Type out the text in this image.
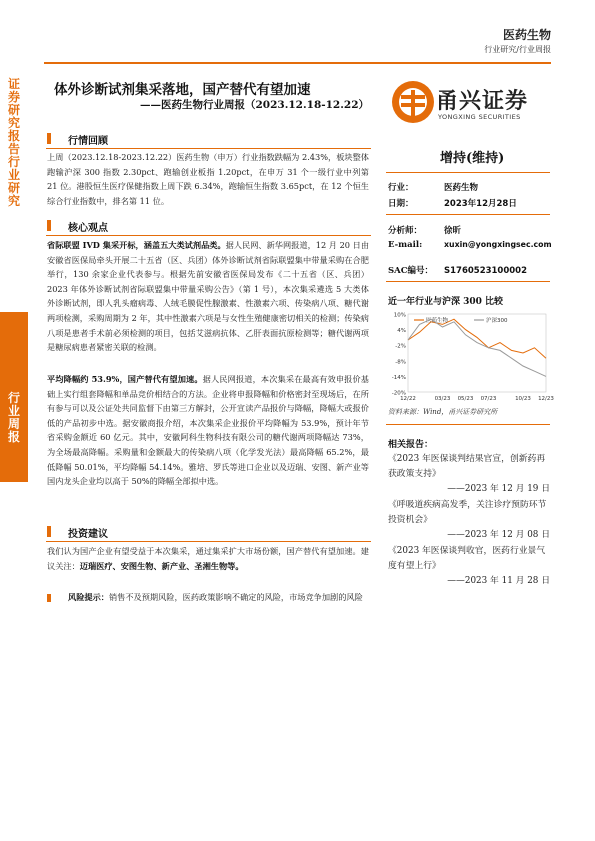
证券研究报告 行业研究
行业周报
医药生物
行业研究/行业周报
体外诊断试剂集采落地，国产替代有望加速
——医药生物行业周报（2023.12.18-12.22）	甬兴证券
YONGXING SECURITIES
行情回顾
上周（2023.12.18-2023.12.22）医药生物（申万）行业指数跌幅为 2.43%，板块整体跑输沪深 300 指数 2.30pct、跑输创业板指 1.20pct，在申万 31 个一级行业中列第 21 位。港股恒生医疗保健指数上周下跌 6.34%，跑输恒生指数 3.65pct，在 12 个恒生综合行业指数中，排名第 11 位。
核心观点
省际联盟 IVD 集采开标，涵盖五大类试剂品类。据人民网、新华网报道，12 月 20 日由安徽省医保局牵头开展二十五省（区、兵团）体外诊断试剂省际联盟集中带量采购在合肥举行，130 余家企业代表参与。根据先前安徽省医保局发布《二十五省（区、兵团）2023 年体外诊断试剂省际联盟集中带量采购公告》（第 1 号），本次集采遴选 5 大类体外诊断试剂，即人乳头瘤病毒、人绒毛膜促性腺激素、性激素六项、传染病八项、糖代谢两项检测，采购周期为 2 年，其中性激素六项是与女性生殖健康密切相关的检测；传染病八项是患者手术前必须检测的项目，包括艾滋病抗体、乙肝表面抗原检测等；糖代谢两项是糖尿病患者紧密关联的检测。
平均降幅约 53.9%，国产替代有望加速。据人民网报道，本次集采在最高有效申报价基础上实行组套降幅和单品竞价相结合的方法。企业将申报降幅和价格密封至现场后，在所有参与可以及公证处共同监督下由第三方解封，公开宣读产品报价与降幅，降幅大或报价低的产品初步中选。据安徽商报介绍，本次集采企业报价平均降幅为 53.9%，预计年节省采购金额近 60 亿元。其中，安徽阿科生物科技有限公司的糖代谢两项降幅达 73%，为全场最高降幅。采购量和金额最大的传染病八项（化学发光法）最高降幅 65.2%，最低降幅 50.01%，平均降幅 54.14%。雅培、罗氏等进口企业以及迈瑞、安图、新产业等国内龙头企业均以高于 50%的降幅全部拟中选。
投资建议
我们认为国产企业有望受益于本次集采，通过集采扩大市场份额，国产替代有望加速。建议关注：迈瑞医疗、安图生物、新产业、圣湘生物等。
风险提示：销售不及预期风险，医药政策影响不确定的风险，市场竞争加剧的风险
增持(维持)
行业：	医药生物
日期：	2023年12月28日
分析师：	徐昕
E-mail:	xuxin@yongxingsec.com
SAC编号： S1760523100002
近一年行业与沪深 300 比较
10%
4%
-2%
-8%
-14%
-20%
12/22	03/23 05/23 07/23	10/23 12/23
医药生物	沪深300
资料来源：Wind，甬兴证券研究所
相关报告：
《2023 年医保谈判结果官宣，创新药再获政策支持》
——2023 年 12 月 19 日
《呼吸道疾病高发季，关注诊疗预防环节投资机会》
——2023 年 12 月 08 日
《2023 年医保谈判收官，医药行业景气度有望上行》
——2023 年 11 月 28 日
